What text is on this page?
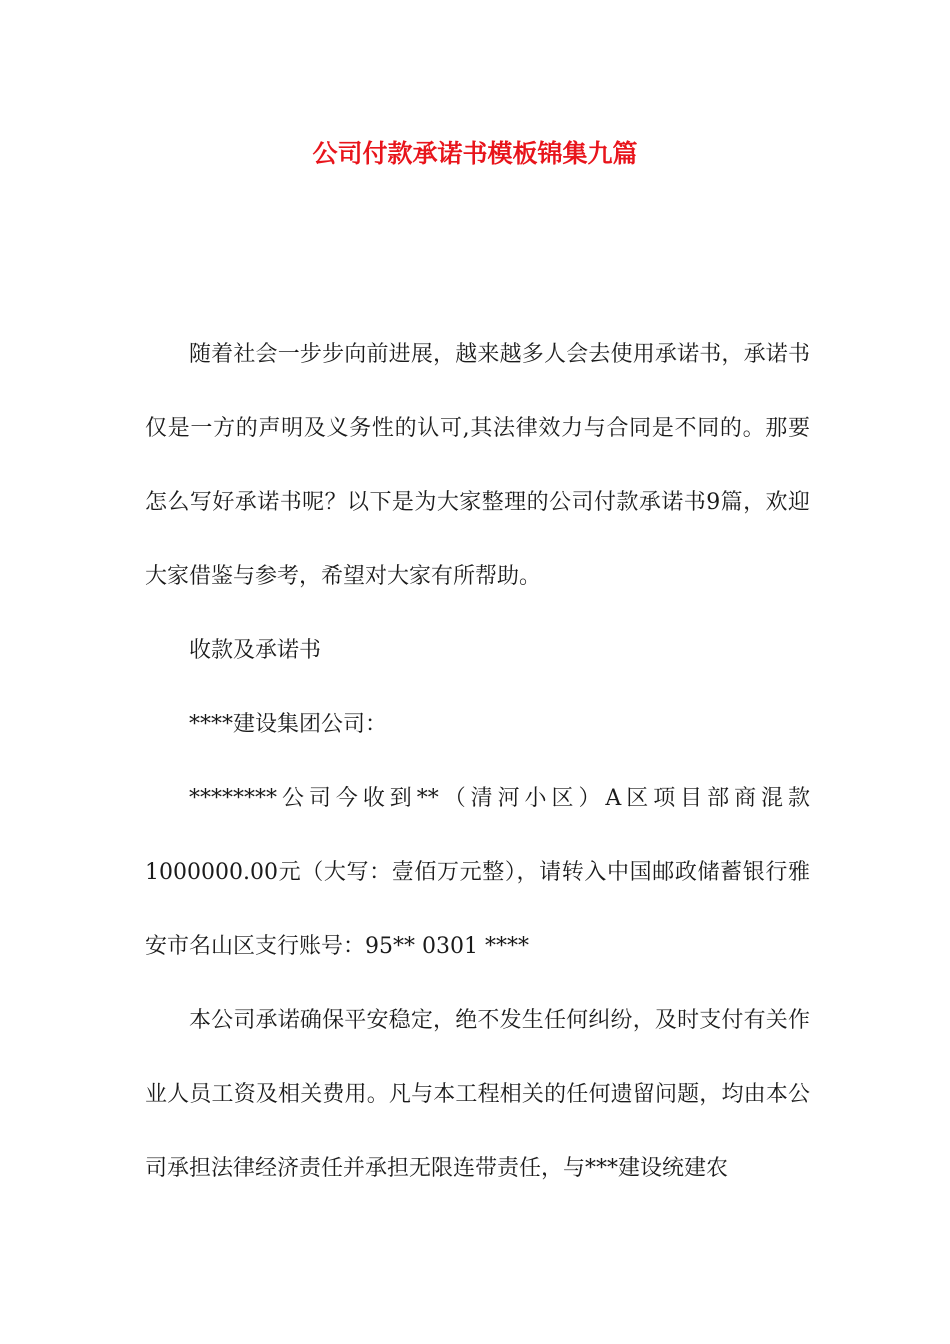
公司付款承诺书模板锦集九篇

随着社会一步步向前进展，越来越多人会去使用承诺书，承诺书仅是一方的声明及义务性的认可,其法律效力与合同是不同的。那要怎么写好承诺书呢？以下是为大家整理的公司付款承诺书9篇，欢迎大家借鉴与参考，希望对大家有所帮助。

收款及承诺书

****建设集团公司：

********公司今收到**（清河小区）A区项目部商混款1000000.00元（大写：壹佰万元整），请转入中国邮政储蓄银行雅安市名山区支行账号：95** 0301 ****

本公司承诺确保平安稳定，绝不发生任何纠纷，及时支付有关作业人员工资及相关费用。凡与本工程相关的任何遗留问题，均由本公司承担法律经济责任并承担无限连带责任，与***建设统建农
